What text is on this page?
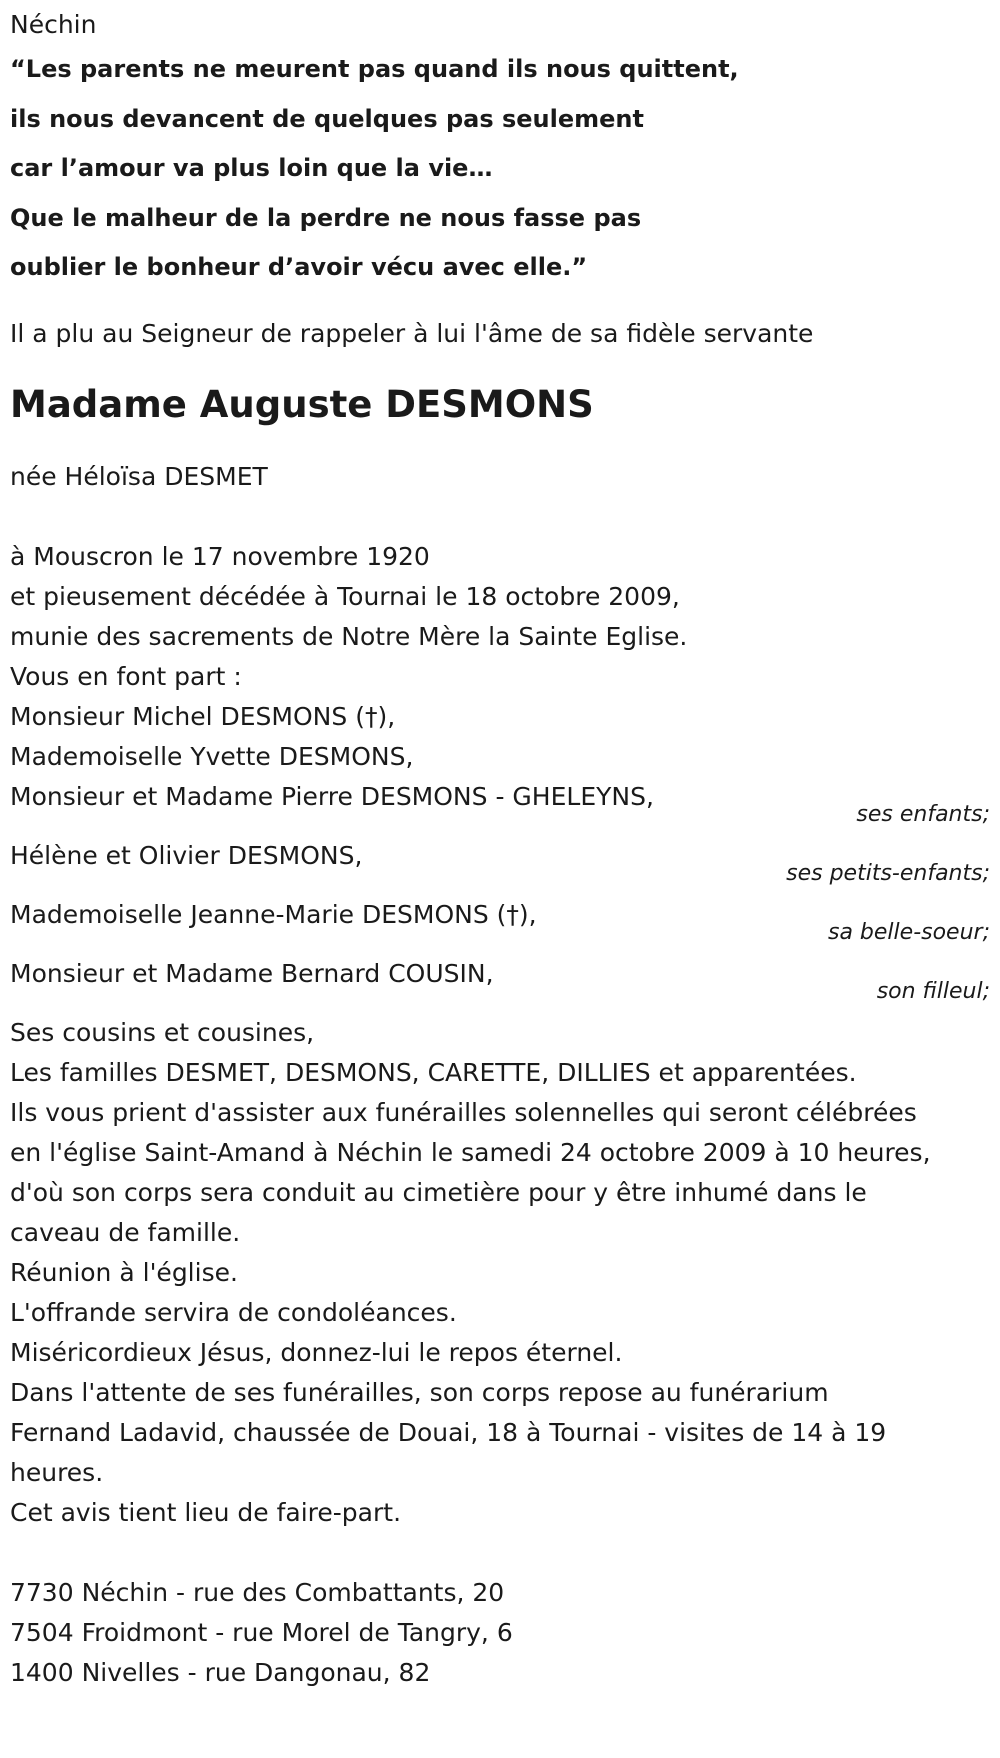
Néchin
“Les parents ne meurent pas quand ils nous quittent,
ils nous devancent de quelques pas seulement
car l’amour va plus loin que la vie…
Que le malheur de la perdre ne nous fasse pas
oublier le bonheur d’avoir vécu avec elle.”
Il a plu au Seigneur de rappeler à lui l'âme de sa fidèle servante
Madame Auguste DESMONS
née Héloïsa DESMET
à Mouscron le 17 novembre 1920
et pieusement décédée à Tournai le 18 octobre 2009,
munie des sacrements de Notre Mère la Sainte Eglise.
Vous en font part :
Monsieur Michel DESMONS (†),
Mademoiselle Yvette DESMONS,
Monsieur et Madame Pierre DESMONS - GHELEYNS,
ses enfants;
Hélène et Olivier DESMONS,
ses petits-enfants;
Mademoiselle Jeanne-Marie DESMONS (†),
sa belle-soeur;
Monsieur et Madame Bernard COUSIN,
son filleul;
Ses cousins et cousines,
Les familles DESMET, DESMONS, CARETTE, DILLIES et apparentées.
Ils vous prient d'assister aux funérailles solennelles qui seront célébrées
en l'église Saint-Amand à Néchin le samedi 24 octobre 2009 à 10 heures,
d'où son corps sera conduit au cimetière pour y être inhumé dans le
caveau de famille.
Réunion à l'église.
L'offrande servira de condoléances.
Miséricordieux Jésus, donnez-lui le repos éternel.
Dans l'attente de ses funérailles, son corps repose au funérarium
Fernand Ladavid, chaussée de Douai, 18 à Tournai - visites de 14 à 19
heures.
Cet avis tient lieu de faire-part.
7730 Néchin - rue des Combattants, 20
7504 Froidmont - rue Morel de Tangry, 6
1400 Nivelles - rue Dangonau, 82
